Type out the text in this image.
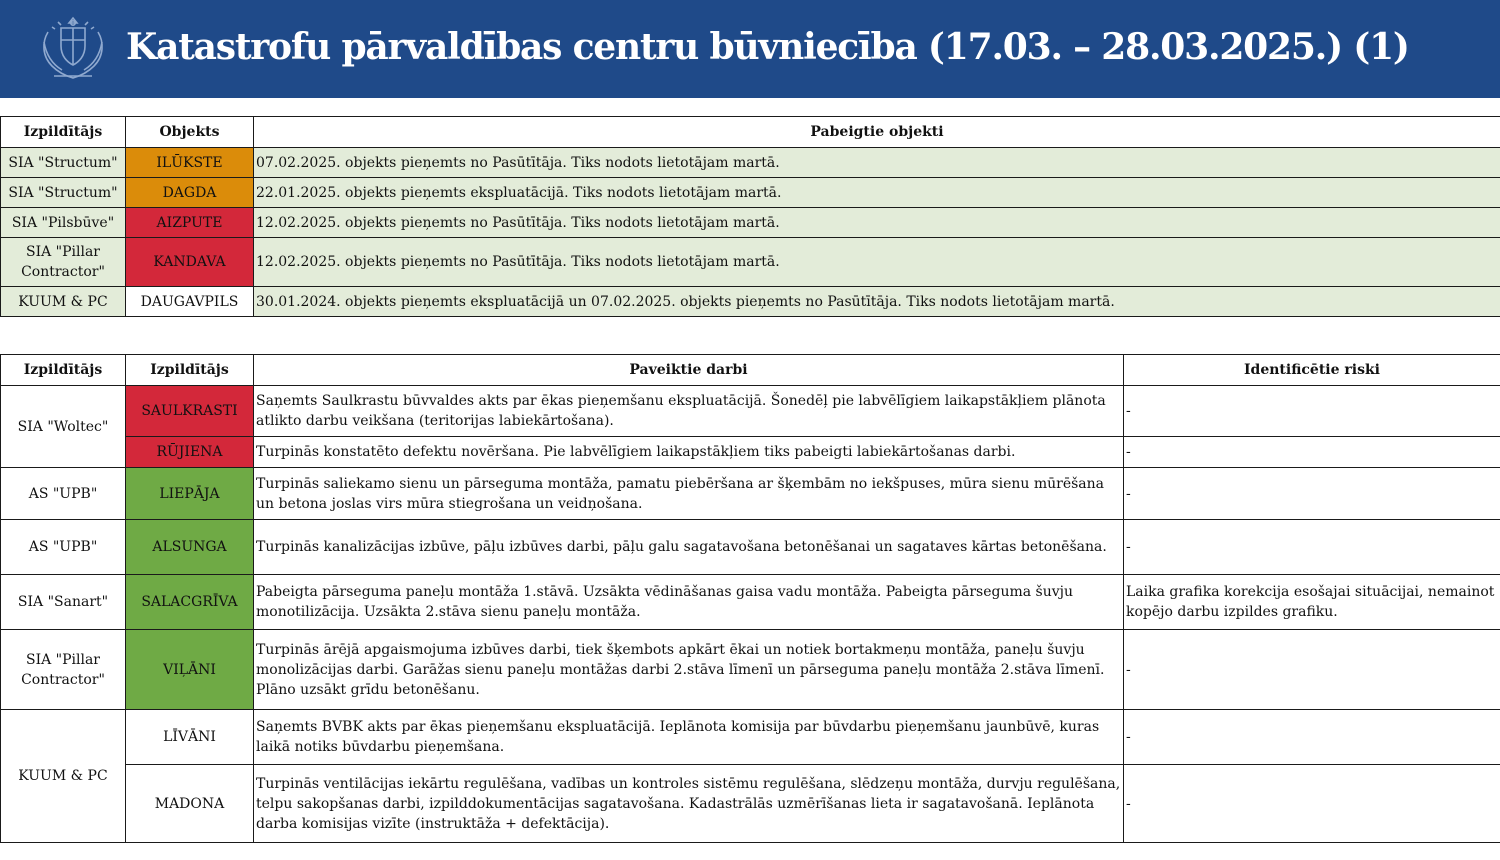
Katastrofu pārvaldības centru būvniecība (17.03. – 28.03.2025.) (1)
Izpildītājs	Objekts	Pabeigtie objekti
SIA "Structum"	ILŪKSTE	07.02.2025. objekts pieņemts no Pasūtītāja. Tiks nodots lietotājam martā.
SIA "Structum"	DAGDA	22.01.2025. objekts pieņemts ekspluatācijā. Tiks nodots lietotājam martā.
SIA "Pilsbūve"	AIZPUTE	12.02.2025. objekts pieņemts no Pasūtītāja. Tiks nodots lietotājam martā.
SIA "Pillar Contractor"	KANDAVA	12.02.2025. objekts pieņemts no Pasūtītāja. Tiks nodots lietotājam martā.
KUUM & PC	DAUGAVPILS	30.01.2024. objekts pieņemts ekspluatācijā un 07.02.2025. objekts pieņemts no Pasūtītāja. Tiks nodots lietotājam martā.
Izpildītājs	Izpildītājs	Paveiktie darbi	Identificētie riski
SIA "Woltec"	SAULKRASTI	Saņemts Saulkrastu būvvaldes akts par ēkas pieņemšanu ekspluatācijā. Šonedēļ pie labvēlīgiem laikapstākļiem plānota atlikto darbu veikšana (teritorijas labiekārtošana).	-
	RŪJIENA	Turpinās konstatēto defektu novēršana. Pie labvēlīgiem laikapstākļiem tiks pabeigti labiekārtošanas darbi.	-
AS "UPB"	LIEPĀJA	Turpinās saliekamo sienu un pārseguma montāža, pamatu piebēršana ar šķembām no iekšpuses, mūra sienu mūrēšana un betona joslas virs mūra stiegrošana un veidņošana.	-
AS "UPB"	ALSUNGA	Turpinās kanalizācijas izbūve, pāļu izbūves darbi, pāļu galu sagatavošana betonēšanai un sagataves kārtas betonēšana.	-
SIA "Sanart"	SALACGRĪVA	Pabeigta pārseguma paneļu montāža 1.stāvā. Uzsākta vēdināšanas gaisa vadu montāža. Pabeigta pārseguma šuvju monotilizācija. Uzsākta 2.stāva sienu paneļu montāža.	Laika grafika korekcija esošajai situācijai, nemainot kopējo darbu izpildes grafiku.
SIA "Pillar Contractor"	VIĻĀNI	Turpinās ārējā apgaismojuma izbūves darbi, tiek šķembots apkārt ēkai un notiek bortakmeņu montāža, paneļu šuvju monolizācijas darbi. Garāžas sienu paneļu montāžas darbi 2.stāva līmenī un pārseguma paneļu montāža 2.stāva līmenī. Plāno uzsākt grīdu betonēšanu.	-
KUUM & PC	LĪVĀNI	Saņemts BVBK akts par ēkas pieņemšanu ekspluatācijā. Ieplānota komisija par būvdarbu pieņemšanu jaunbūvē, kuras laikā notiks būvdarbu pieņemšana.	-
	MADONA	Turpinās ventilācijas iekārtu regulēšana, vadības un kontroles sistēmu regulēšana, slēdzeņu montāža, durvju regulēšana, telpu sakopšanas darbi, izpilddokumentācijas sagatavošana. Kadastrālās uzmērīšanas lieta ir sagatavošanā. Ieplānota darba komisijas vizīte (instruktāža + defektācija).	-
